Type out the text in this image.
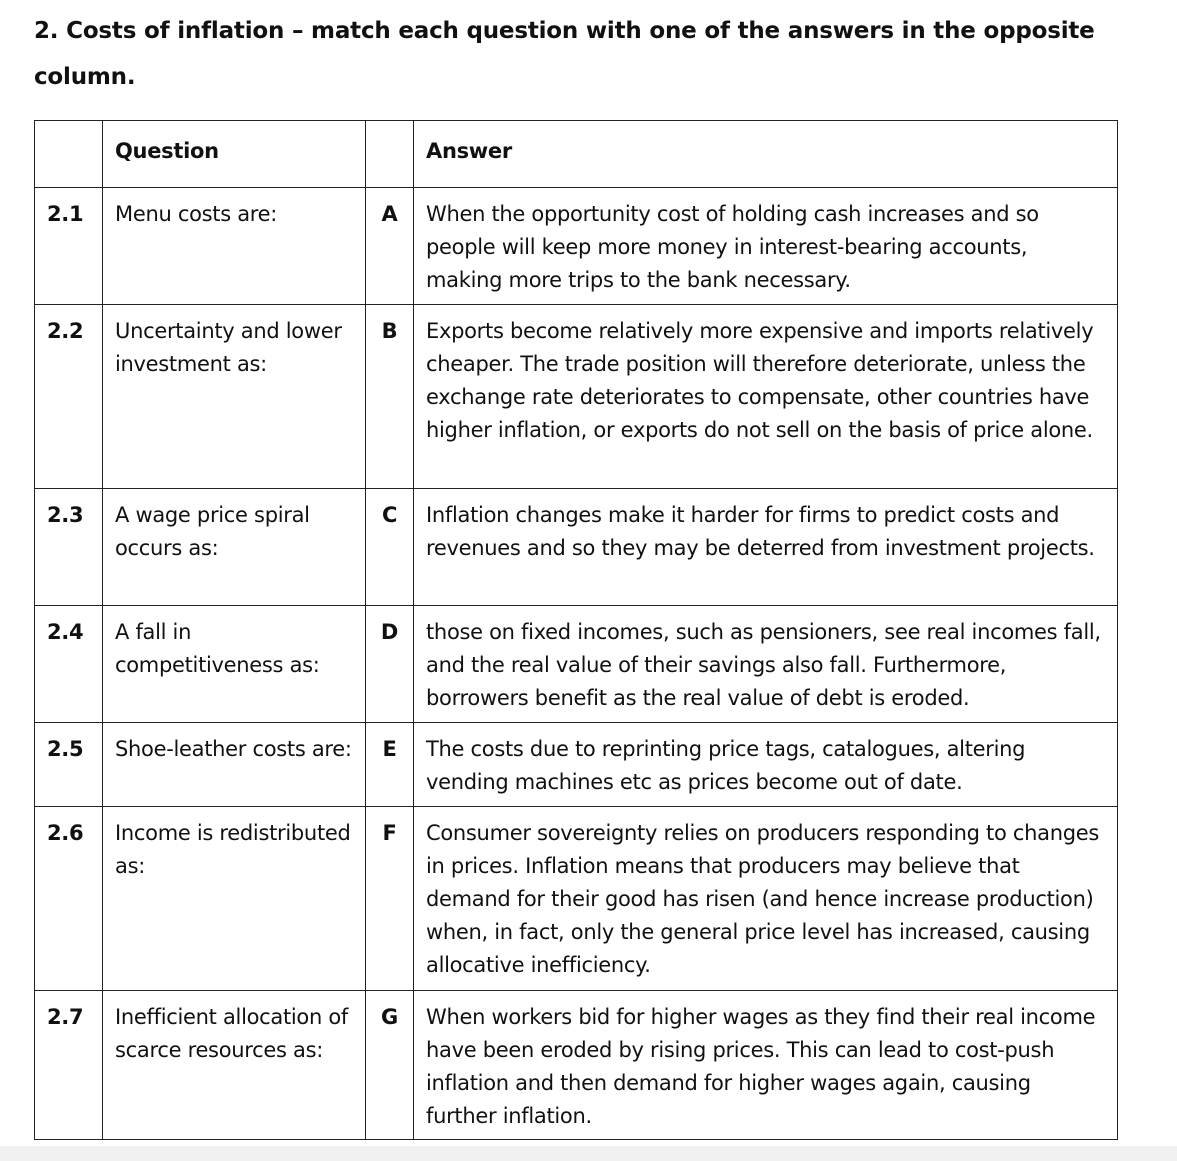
2. Costs of inflation – match each question with one of the answers in the opposite column.
	Question		Answer
2.1	Menu costs are:	A	When the opportunity cost of holding cash increases and so people will keep more money in interest-bearing accounts, making more trips to the bank necessary.
2.2	Uncertainty and lower investment as:	B	Exports become relatively more expensive and imports relatively cheaper. The trade position will therefore deteriorate, unless the exchange rate deteriorates to compensate, other countries have higher inflation, or exports do not sell on the basis of price alone.
2.3	A wage price spiral occurs as:	C	Inflation changes make it harder for firms to predict costs and revenues and so they may be deterred from investment projects.
2.4	A fall in competitiveness as:	D	those on fixed incomes, such as pensioners, see real incomes fall, and the real value of their savings also fall. Furthermore, borrowers benefit as the real value of debt is eroded.
2.5	Shoe-leather costs are:	E	The costs due to reprinting price tags, catalogues, altering vending machines etc as prices become out of date.
2.6	Income is redistributed as:	F	Consumer sovereignty relies on producers responding to changes in prices. Inflation means that producers may believe that demand for their good has risen (and hence increase production) when, in fact, only the general price level has increased, causing allocative inefficiency.
2.7	Inefficient allocation of scarce resources as:	G	When workers bid for higher wages as they find their real income have been eroded by rising prices. This can lead to cost-push inflation and then demand for higher wages again, causing further inflation.
